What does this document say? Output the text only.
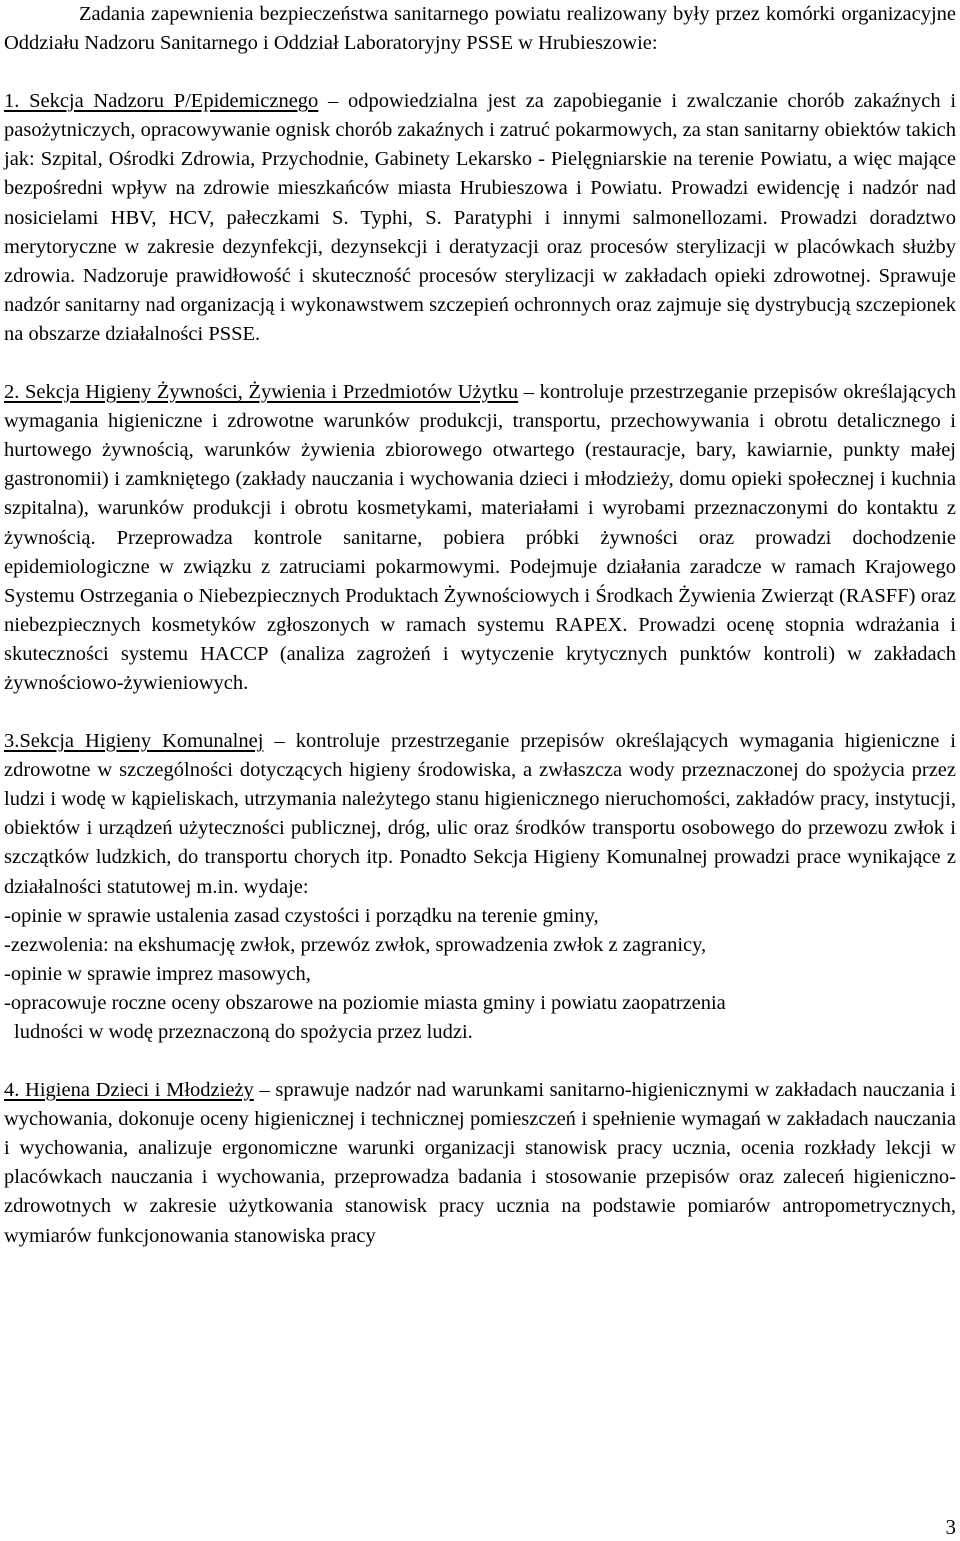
Zadania zapewnienia bezpieczeństwa sanitarnego powiatu realizowany były przez komórki organizacyjne Oddziału Nadzoru Sanitarnego i Oddział Laboratoryjny PSSE w Hrubieszowie:

1. Sekcja Nadzoru P/Epidemicznego – odpowiedzialna jest za zapobieganie i zwalczanie chorób zakaźnych i pasożytniczych, opracowywanie ognisk chorób zakaźnych i zatruć pokarmowych, za stan sanitarny obiektów takich jak: Szpital, Ośrodki Zdrowia, Przychodnie, Gabinety Lekarsko - Pielęgniarskie na terenie Powiatu, a więc mające bezpośredni wpływ na zdrowie mieszkańców miasta Hrubieszowa i Powiatu. Prowadzi ewidencję i nadzór nad nosicielami HBV, HCV, pałeczkami S. Typhi, S. Paratyphi i innymi salmonellozami. Prowadzi doradztwo merytoryczne w zakresie dezynfekcji, dezynsekcji i deratyzacji oraz procesów sterylizacji w placówkach służby zdrowia. Nadzoruje prawidłowość i skuteczność procesów sterylizacji w zakładach opieki zdrowotnej. Sprawuje nadzór sanitarny nad organizacją i wykonawstwem szczepień ochronnych oraz zajmuje się dystrybucją szczepionek na obszarze działalności PSSE.

2. Sekcja Higieny Żywności, Żywienia i Przedmiotów Użytku – kontroluje przestrzeganie przepisów określających wymagania higieniczne i zdrowotne warunków produkcji, transportu, przechowywania i obrotu detalicznego i hurtowego żywnością, warunków żywienia zbiorowego otwartego (restauracje, bary, kawiarnie, punkty małej gastronomii) i zamkniętego (zakłady nauczania i wychowania dzieci i młodzieży, domu opieki społecznej i kuchnia szpitalna), warunków produkcji i obrotu kosmetykami, materiałami i wyrobami przeznaczonymi do kontaktu z żywnością. Przeprowadza kontrole sanitarne, pobiera próbki żywności oraz prowadzi dochodzenie epidemiologiczne w związku z zatruciami pokarmowymi. Podejmuje działania zaradcze w ramach Krajowego Systemu Ostrzegania o Niebezpiecznych Produktach Żywnościowych i Środkach Żywienia Zwierząt (RASFF) oraz niebezpiecznych kosmetyków zgłoszonych w ramach systemu RAPEX. Prowadzi ocenę stopnia wdrażania i skuteczności systemu HACCP (analiza zagrożeń i wytyczenie krytycznych punktów kontroli) w zakładach żywnościowo-żywieniowych.

3.Sekcja Higieny Komunalnej – kontroluje przestrzeganie przepisów określających wymagania higieniczne i zdrowotne w szczególności dotyczących higieny środowiska, a zwłaszcza wody przeznaczonej do spożycia przez ludzi i wodę w kąpieliskach, utrzymania należytego stanu higienicznego nieruchomości, zakładów pracy, instytucji, obiektów i urządzeń użyteczności publicznej, dróg, ulic oraz środków transportu osobowego do przewozu zwłok i szczątków ludzkich, do transportu chorych itp. Ponadto Sekcja Higieny Komunalnej prowadzi prace wynikające z działalności statutowej m.in. wydaje:

-opinie w sprawie ustalenia zasad czystości i porządku na terenie gminy,

-zezwolenia: na ekshumację zwłok, przewóz zwłok, sprowadzenia zwłok z zagranicy,

-opinie w sprawie imprez masowych,

-opracowuje roczne oceny obszarowe na poziomie miasta gminy i powiatu zaopatrzenia

ludności w wodę przeznaczoną do spożycia przez ludzi.

4. Higiena Dzieci i Młodzieży – sprawuje nadzór nad warunkami sanitarno-higienicznymi w zakładach nauczania i wychowania, dokonuje oceny higienicznej i technicznej pomieszczeń i spełnienie wymagań w zakładach nauczania i wychowania, analizuje ergonomiczne warunki organizacji stanowisk pracy ucznia, ocenia rozkłady lekcji w placówkach nauczania i wychowania, przeprowadza badania i stosowanie przepisów oraz zaleceń higieniczno-zdrowotnych w zakresie użytkowania stanowisk pracy ucznia na podstawie pomiarów antropometrycznych, wymiarów funkcjonowania stanowiska pracy

3
